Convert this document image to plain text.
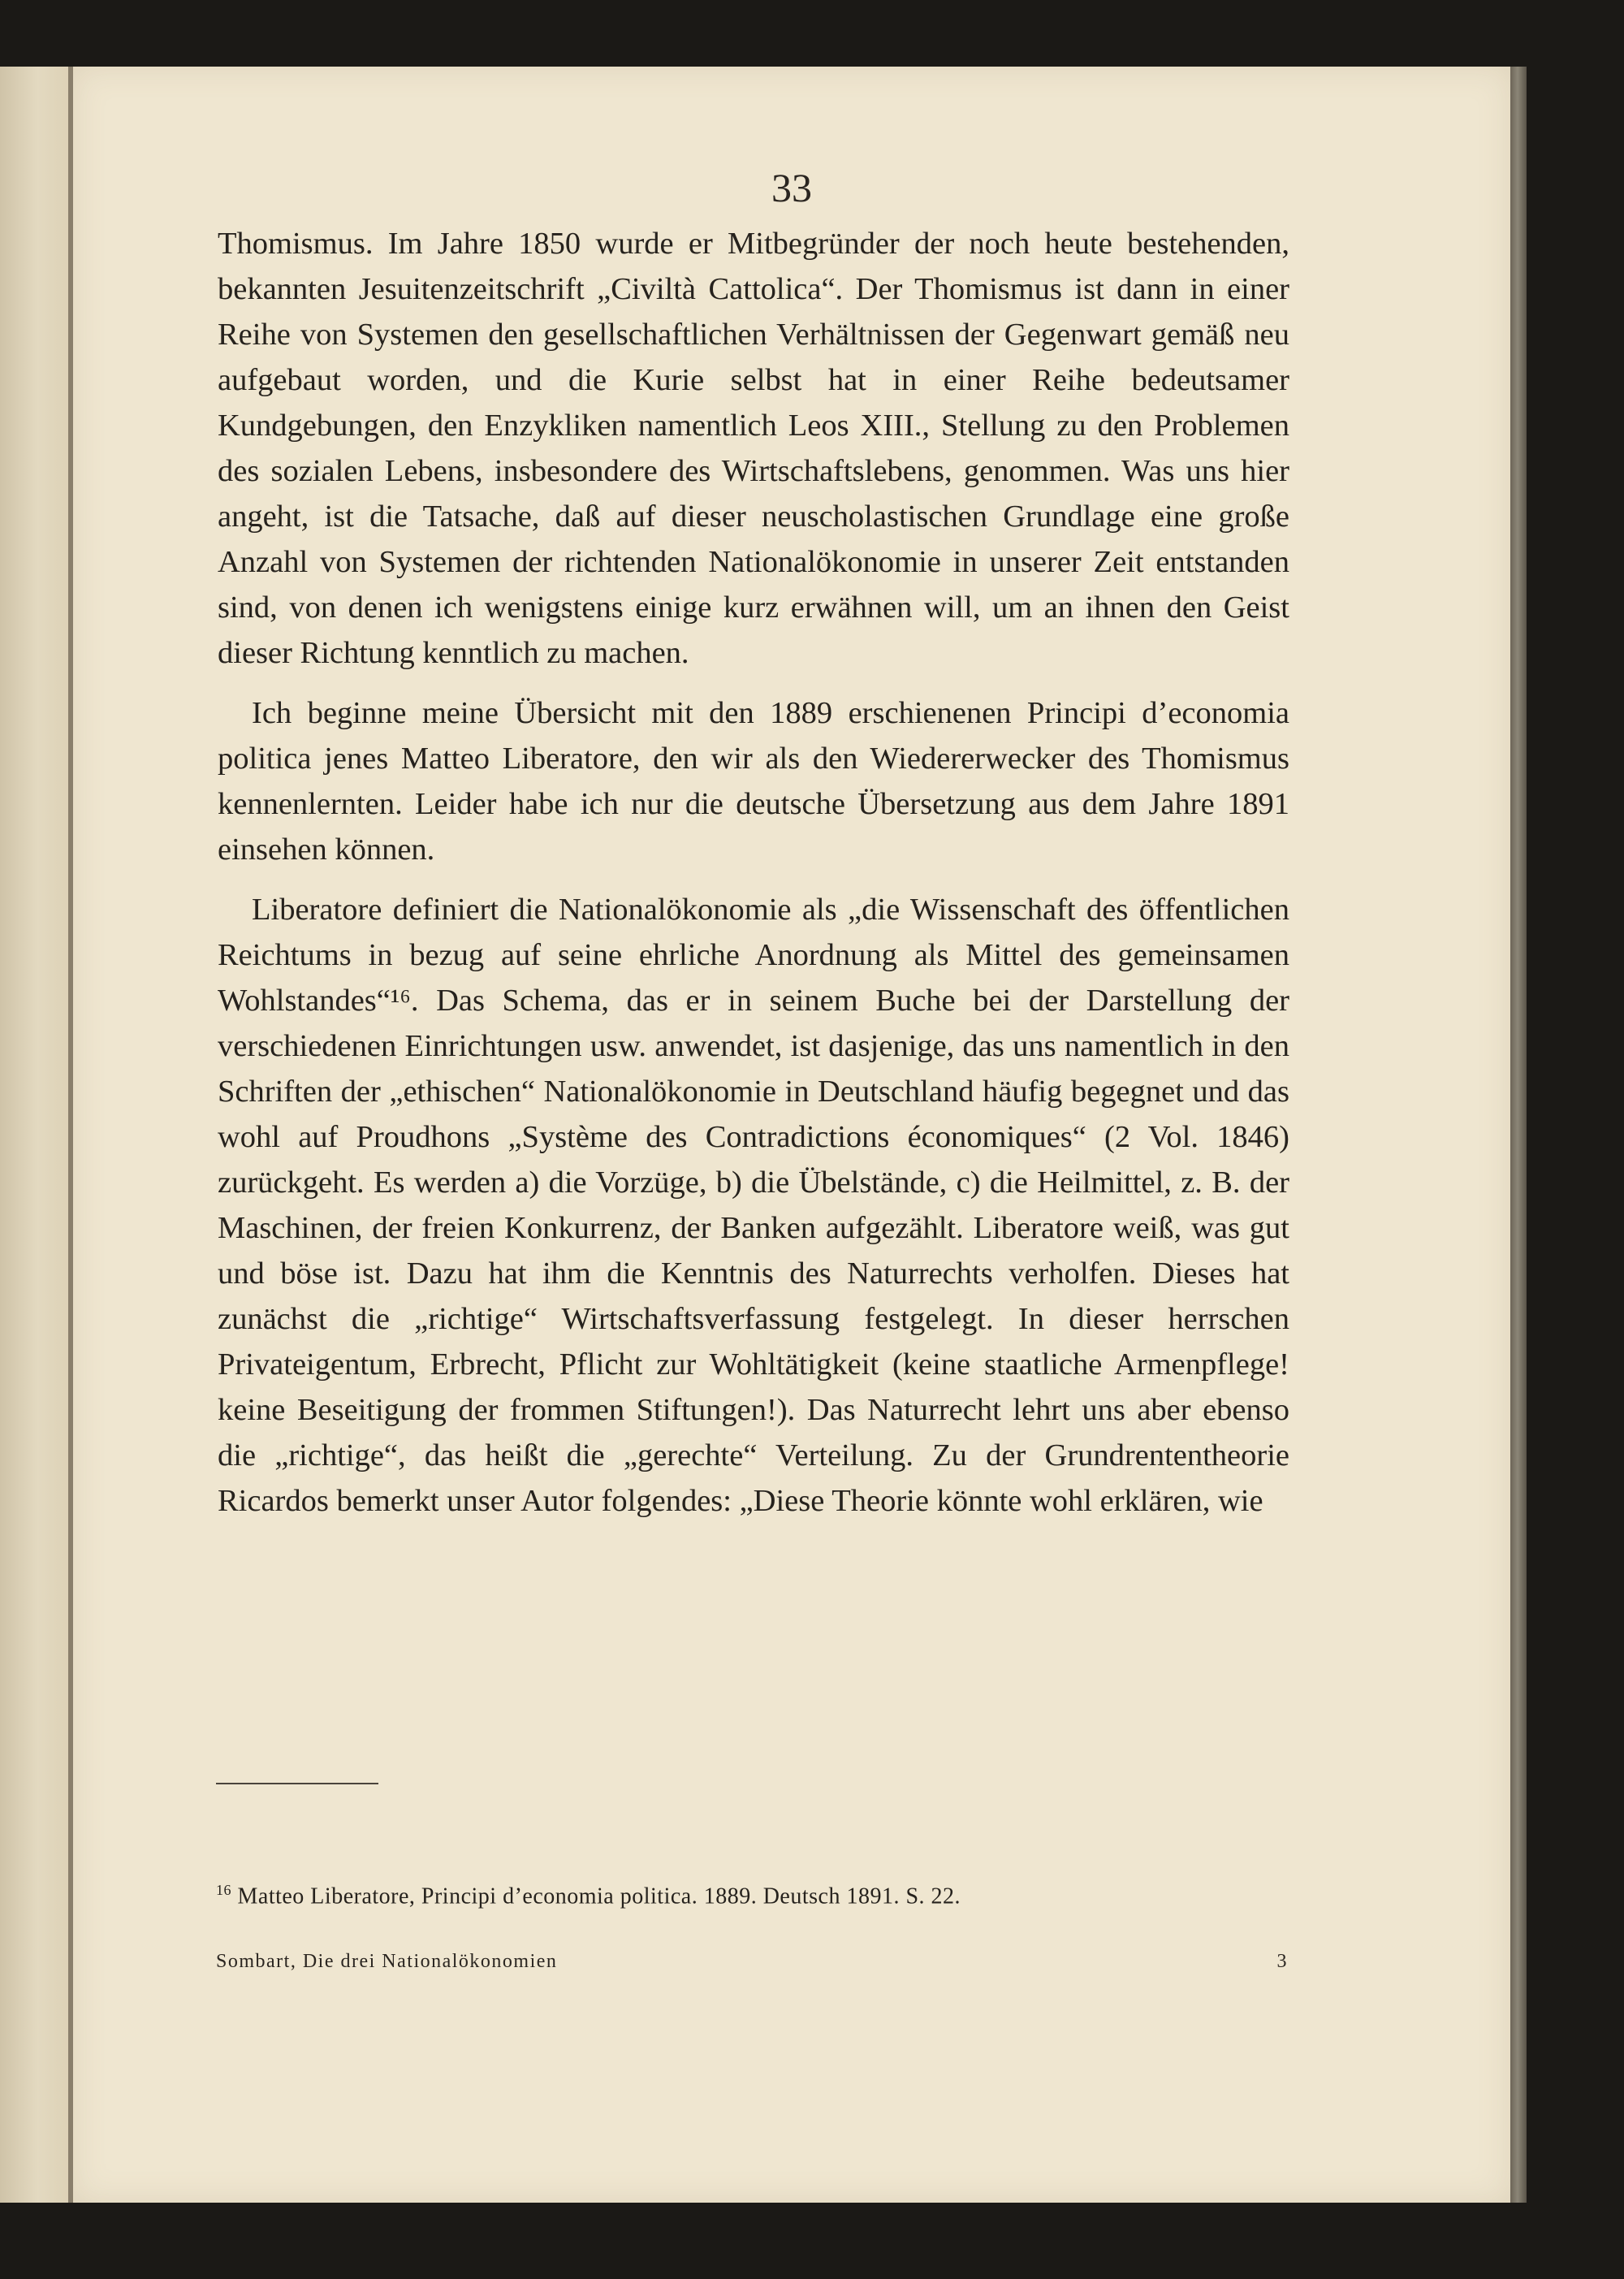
33

Thomismus. Im Jahre 1850 wurde er Mitbegründer der noch heute bestehenden, bekannten Jesuitenzeitschrift „Civiltà Cattolica“. Der Thomismus ist dann in einer Reihe von Systemen den gesellschaftlichen Verhältnissen der Gegenwart gemäß neu aufgebaut worden, und die Kurie selbst hat in einer Reihe bedeutsamer Kundgebungen, den Enzykliken namentlich Leos XIII., Stellung zu den Problemen des sozialen Lebens, insbesondere des Wirtschaftslebens, genommen. Was uns hier angeht, ist die Tatsache, daß auf dieser neuscholastischen Grundlage eine große Anzahl von Systemen der richtenden Nationalökonomie in unserer Zeit entstanden sind, von denen ich wenigstens einige kurz erwähnen will, um an ihnen den Geist dieser Richtung kenntlich zu machen.

Ich beginne meine Übersicht mit den 1889 erschienenen Principi d’economia politica jenes Matteo Liberatore, den wir als den Wiedererwecker des Thomismus kennenlernten. Leider habe ich nur die deutsche Übersetzung aus dem Jahre 1891 einsehen können.

Liberatore definiert die Nationalökonomie als „die Wissenschaft des öffentlichen Reichtums in bezug auf seine ehrliche Anordnung als Mittel des gemeinsamen Wohlstandes“¹⁶. Das Schema, das er in seinem Buche bei der Darstellung der verschiedenen Einrichtungen usw. anwendet, ist dasjenige, das uns namentlich in den Schriften der „ethischen“ Nationalökonomie in Deutschland häufig begegnet und das wohl auf Proudhons „Système des Contradictions économiques“ (2 Vol. 1846) zurückgeht. Es werden a) die Vorzüge, b) die Übelstände, c) die Heilmittel, z. B. der Maschinen, der freien Konkurrenz, der Banken aufgezählt. Liberatore weiß, was gut und böse ist. Dazu hat ihm die Kenntnis des Naturrechts verholfen. Dieses hat zunächst die „richtige“ Wirtschaftsverfassung festgelegt. In dieser herrschen Privateigentum, Erbrecht, Pflicht zur Wohltätigkeit (keine staatliche Armenpflege! keine Beseitigung der frommen Stiftungen!). Das Naturrecht lehrt uns aber ebenso die „richtige“, das heißt die „gerechte“ Verteilung. Zu der Grundrententheorie Ricardos bemerkt unser Autor folgendes: „Diese Theorie könnte wohl erklären, wie

$^{16}$ Matteo Liberatore, Principi d’economia politica. 1889. Deutsch 1891. S. 22.
Sombart, Die drei Nationalökonomien	3
